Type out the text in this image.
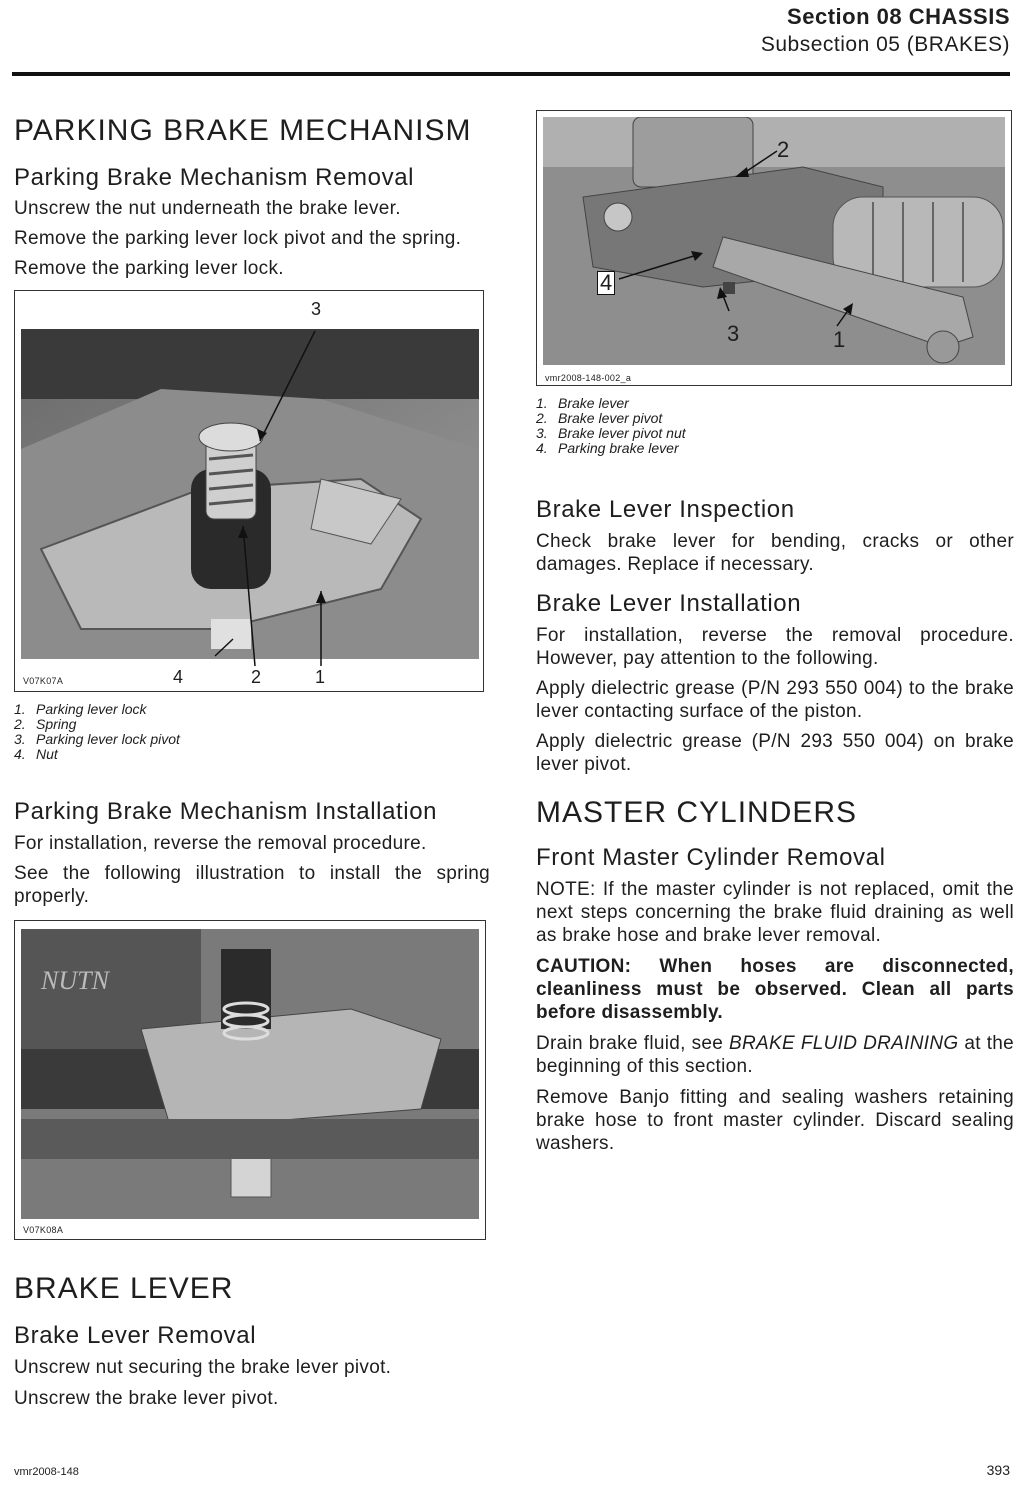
Section 08 CHASSIS
Subsection 05 (BRAKES)
PARKING BRAKE MECHANISM
Parking Brake Mechanism Removal

Unscrew the nut underneath the brake lever.

Remove the parking lever lock pivot and the spring.

Remove the parking lever lock.

3
4	2	1
V07K07A
1. Parking lever lock
2. Spring
3. Parking lever lock pivot
4. Nut
Parking Brake Mechanism Installation

For installation, reverse the removal procedure.

See the following illustration to install the spring properly.

NUTN
V07K08A
BRAKE LEVER
Brake Lever Removal

Unscrew nut securing the brake lever pivot.

Unscrew the brake lever pivot.

2
4
3	1
vmr2008-148-002_a
1. Brake lever
2. Brake lever pivot
3. Brake lever pivot nut
4. Parking brake lever
Brake Lever Inspection

Check brake lever for bending, cracks or other damages. Replace if necessary.

Brake Lever Installation

For installation, reverse the removal procedure. However, pay attention to the following.

Apply dielectric grease (P/N 293 550 004) to the brake lever contacting surface of the piston.

Apply dielectric grease (P/N 293 550 004) on brake lever pivot.

MASTER CYLINDERS
Front Master Cylinder Removal

NOTE: If the master cylinder is not replaced, omit the next steps concerning the brake fluid draining as well as brake hose and brake lever removal.

CAUTION: When hoses are disconnected, cleanliness must be observed. Clean all parts before disassembly.

Drain brake fluid, see BRAKE FLUID DRAINING at the beginning of this section.

Remove Banjo fitting and sealing washers retaining brake hose to front master cylinder. Discard sealing washers.

vmr2008-148	393
